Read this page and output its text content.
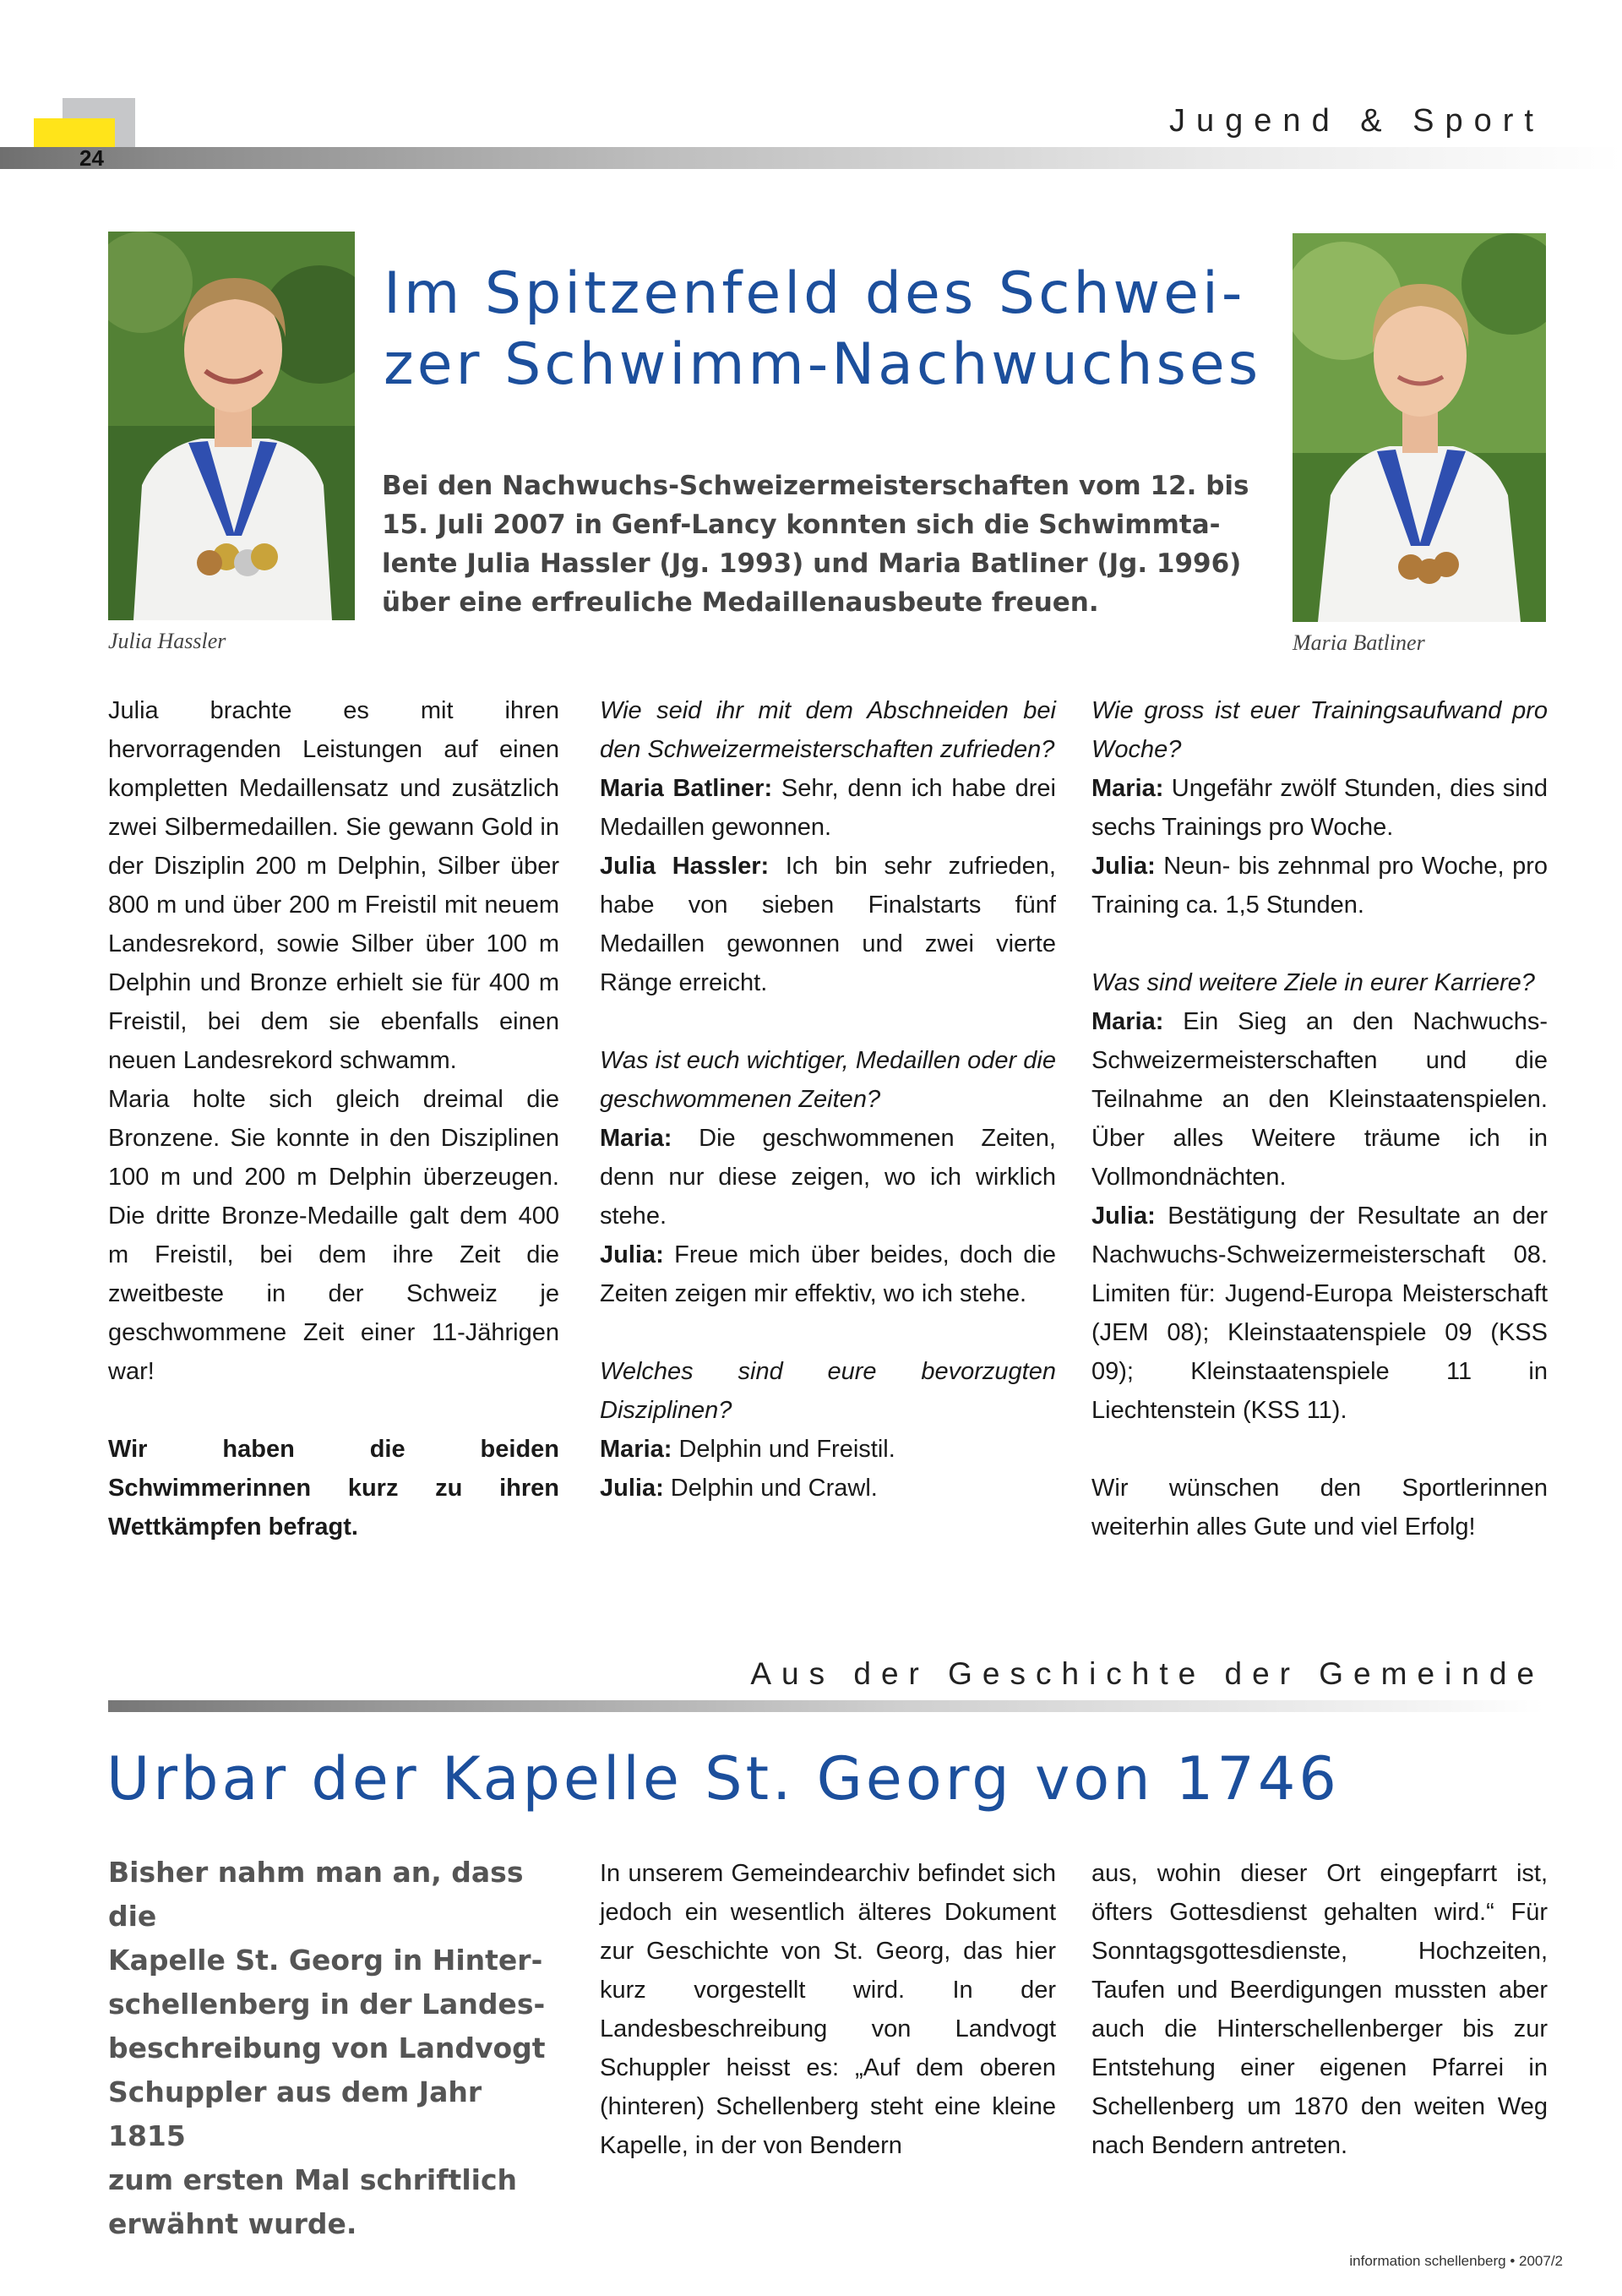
24
Jugend & Sport
Julia Hassler	Maria Batliner
Im Spitzenfeld des Schwei-
zer Schwimm-Nachwuchses
Bei den Nachwuchs-Schweizermeisterschaften vom 12. bis
15. Juli 2007 in Genf-Lancy konnten sich die Schwimmta-
lente Julia Hassler (Jg. 1993) und Maria Batliner (Jg. 1996)
über eine erfreuliche Medaillenausbeute freuen.

Julia brachte es mit ihren hervorragenden Leistungen auf einen kompletten Medaillensatz und zusätzlich zwei Silbermedaillen. Sie gewann Gold in der Disziplin 200 m Delphin, Silber über 800 m und über 200 m Freistil mit neuem Landesrekord, sowie Silber über 100 m Delphin und Bronze erhielt sie für 400 m Freistil, bei dem sie ebenfalls einen neuen Landesrekord schwamm.

Maria holte sich gleich dreimal die Bronzene. Sie konnte in den Disziplinen 100 m und 200 m Delphin überzeugen. Die dritte Bronze-Medaille galt dem 400 m Freistil, bei dem ihre Zeit die zweitbeste in der Schweiz je geschwommene Zeit einer 11-Jährigen war!

Wir haben die beiden Schwimmerinnen kurz zu ihren Wettkämpfen befragt.

Wie seid ihr mit dem Abschneiden bei den Schweizermeisterschaften zufrieden?

Maria Batliner: Sehr, denn ich habe drei Medaillen gewonnen.

Julia Hassler: Ich bin sehr zufrieden, habe von sieben Finalstarts fünf Medaillen gewonnen und zwei vierte Ränge erreicht.

Was ist euch wichtiger, Medaillen oder die geschwommenen Zeiten?

Maria: Die geschwommenen Zeiten, denn nur diese zeigen, wo ich wirklich stehe.

Julia: Freue mich über beides, doch die Zeiten zeigen mir effektiv, wo ich stehe.

Welches sind eure bevorzugten Disziplinen?

Maria: Delphin und Freistil.

Julia: Delphin und Crawl.

Wie gross ist euer Trainingsaufwand pro Woche?

Maria: Ungefähr zwölf Stunden, dies sind sechs Trainings pro Woche.

Julia: Neun- bis zehnmal pro Woche, pro Training ca. 1,5 Stunden.

Was sind weitere Ziele in eurer Karriere?

Maria: Ein Sieg an den Nachwuchs-Schweizermeisterschaften und die Teilnahme an den Kleinstaatenspielen. Über alles Weitere träume ich in Vollmondnächten.

Julia: Bestätigung der Resultate an der Nachwuchs-Schweizermeisterschaft 08. Limiten für: Jugend-Europa Meisterschaft (JEM 08); Kleinstaatenspiele 09 (KSS 09); Kleinstaatenspiele 11 in Liechtenstein (KSS 11).

Wir wünschen den Sportlerinnen weiterhin alles Gute und viel Erfolg!

Aus der Geschichte der Gemeinde
Urbar der Kapelle St. Georg von 1746
Bisher nahm man an, dass die
Kapelle St. Georg in Hinter-
schellenberg in der Landes-
beschreibung von Landvogt
Schuppler aus dem Jahr 1815
zum ersten Mal schriftlich
erwähnt wurde.

In unserem Gemeindearchiv befindet sich jedoch ein wesentlich älteres Dokument zur Geschichte von St. Georg, das hier kurz vorgestellt wird. In der Landesbeschreibung von Landvogt Schuppler heisst es: „Auf dem oberen (hinteren) Schellenberg steht eine kleine Kapelle, in der von Bendern

aus, wohin dieser Ort eingepfarrt ist, öfters Gottesdienst gehalten wird.“ Für Sonntagsgottesdienste, Hochzeiten, Taufen und Beerdigungen mussten aber auch die Hinterschellenberger bis zur Entstehung einer eigenen Pfarrei in Schellenberg um 1870 den weiten Weg nach Bendern antreten.

information schellenberg • 2007/2
